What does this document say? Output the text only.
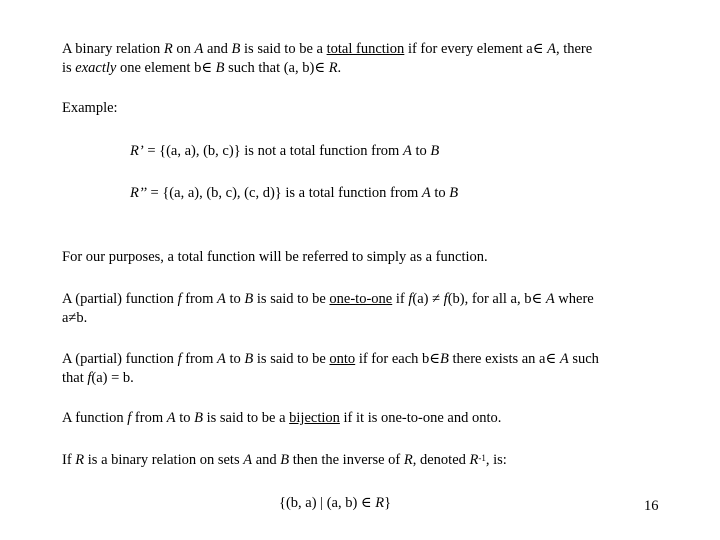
A binary relation R on A and B is said to be a total function if for every element a∈ A, there
is exactly one element b∈ B such that (a, b)∈ R.
Example:
R’ = {(a, a), (b, c)} is not a total function from A to B
R’’ = {(a, a), (b, c), (c, d)} is a total function from A to B
For our purposes, a total function will be referred to simply as a function.
A (partial) function f from A to B is said to be one-to-one if f(a) ≠ f(b), for all a, b∈ A where
a≠b.
A (partial) function f from A to B is said to be onto if for each b∈B there exists an a∈ A such
that f(a) = b.
A function f from A to B is said to be a bijection if it is one-to-one and onto.
If R is a binary relation on sets A and B then the inverse of R, denoted $R^{-1}$, is:
{(b, a) | (a, b) ∈ R}	16
